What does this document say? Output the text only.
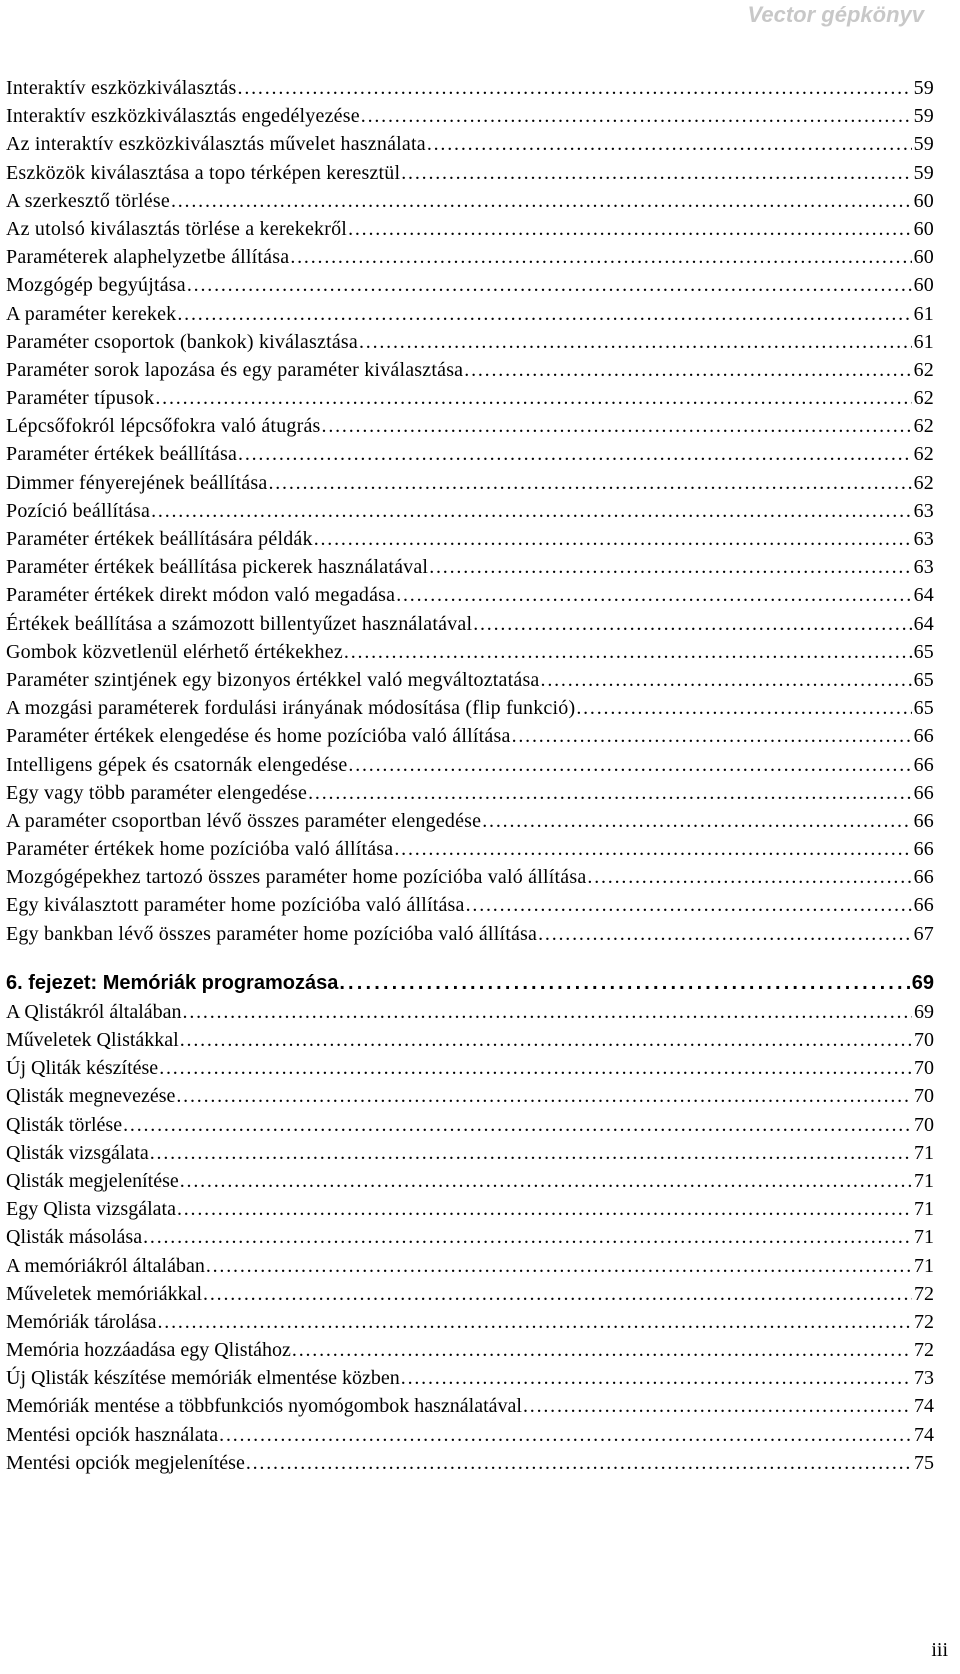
Vector gépkönyv
Interaktív eszközkiválasztás . . .	59
Interaktív eszközkiválasztás engedélyezése . . .	59
Az interaktív eszközkiválasztás művelet használata . . .	59
Eszközök kiválasztása a topo térképen keresztül . . .	59
A szerkesztő törlése . . .	60
Az utolsó kiválasztás törlése a kerekekről . . .	60
Paraméterek alaphelyzetbe állítása . . .	60
Mozgógép begyújtása . . .	60
A paraméter kerekek . . .	61
Paraméter csoportok (bankok) kiválasztása . . .	61
Paraméter sorok lapozása és egy paraméter kiválasztása . . .	62
Paraméter típusok . . .	62
Lépcsőfokról lépcsőfokra való átugrás . . .	62
Paraméter értékek beállítása . . .	62
Dimmer fényerejének beállítása . . .	62
Pozíció beállítása . . .	63
Paraméter értékek beállítására példák . . .	63
Paraméter értékek beállítása pickerek használatával . . .	63
Paraméter értékek direkt módon való megadása . . .	64
Értékek beállítása a számozott billentyűzet használatával . . .	64
Gombok közvetlenül elérhető értékekhez . . .	65
Paraméter szintjének egy bizonyos értékkel való megváltoztatása . . .	65
A mozgási paraméterek fordulási irányának módosítása (flip funkció) . . .	65
Paraméter értékek elengedése és home pozícióba való állítása . . .	66
Intelligens gépek és csatornák elengedése . . .	66
Egy vagy több paraméter elengedése . . .	66
A paraméter csoportban lévő összes paraméter elengedése . . .	66
Paraméter értékek home pozícióba való állítása . . .	66
Mozgógépekhez tartozó összes paraméter home pozícióba való állítása . . .	66
Egy kiválasztott paraméter home pozícióba való állítása . . .	66
Egy bankban lévő összes paraméter home pozícióba való állítása . . .	67
6. fejezet: Memóriák programozása . . .	69
A Qlistákról általában . . .	69
Műveletek Qlistákkal . . .	70
Új Qliták készítése . . .	70
Qlisták megnevezése . . .	70
Qlisták törlése . . .	70
Qlisták vizsgálata . . .	71
Qlisták megjelenítése . . .	71
Egy Qlista vizsgálata . . .	71
Qlisták másolása . . .	71
A memóriákról általában . . .	71
Műveletek memóriákkal . . .	72
Memóriák tárolása . . .	72
Memória hozzáadása egy Qlistához . . .	72
Új Qlisták készítése memóriák elmentése közben . . .	73
Memóriák mentése a többfunkciós nyomógombok használatával . . .	74
Mentési opciók használata . . .	74
Mentési opciók megjelenítése . . .	75
iii
